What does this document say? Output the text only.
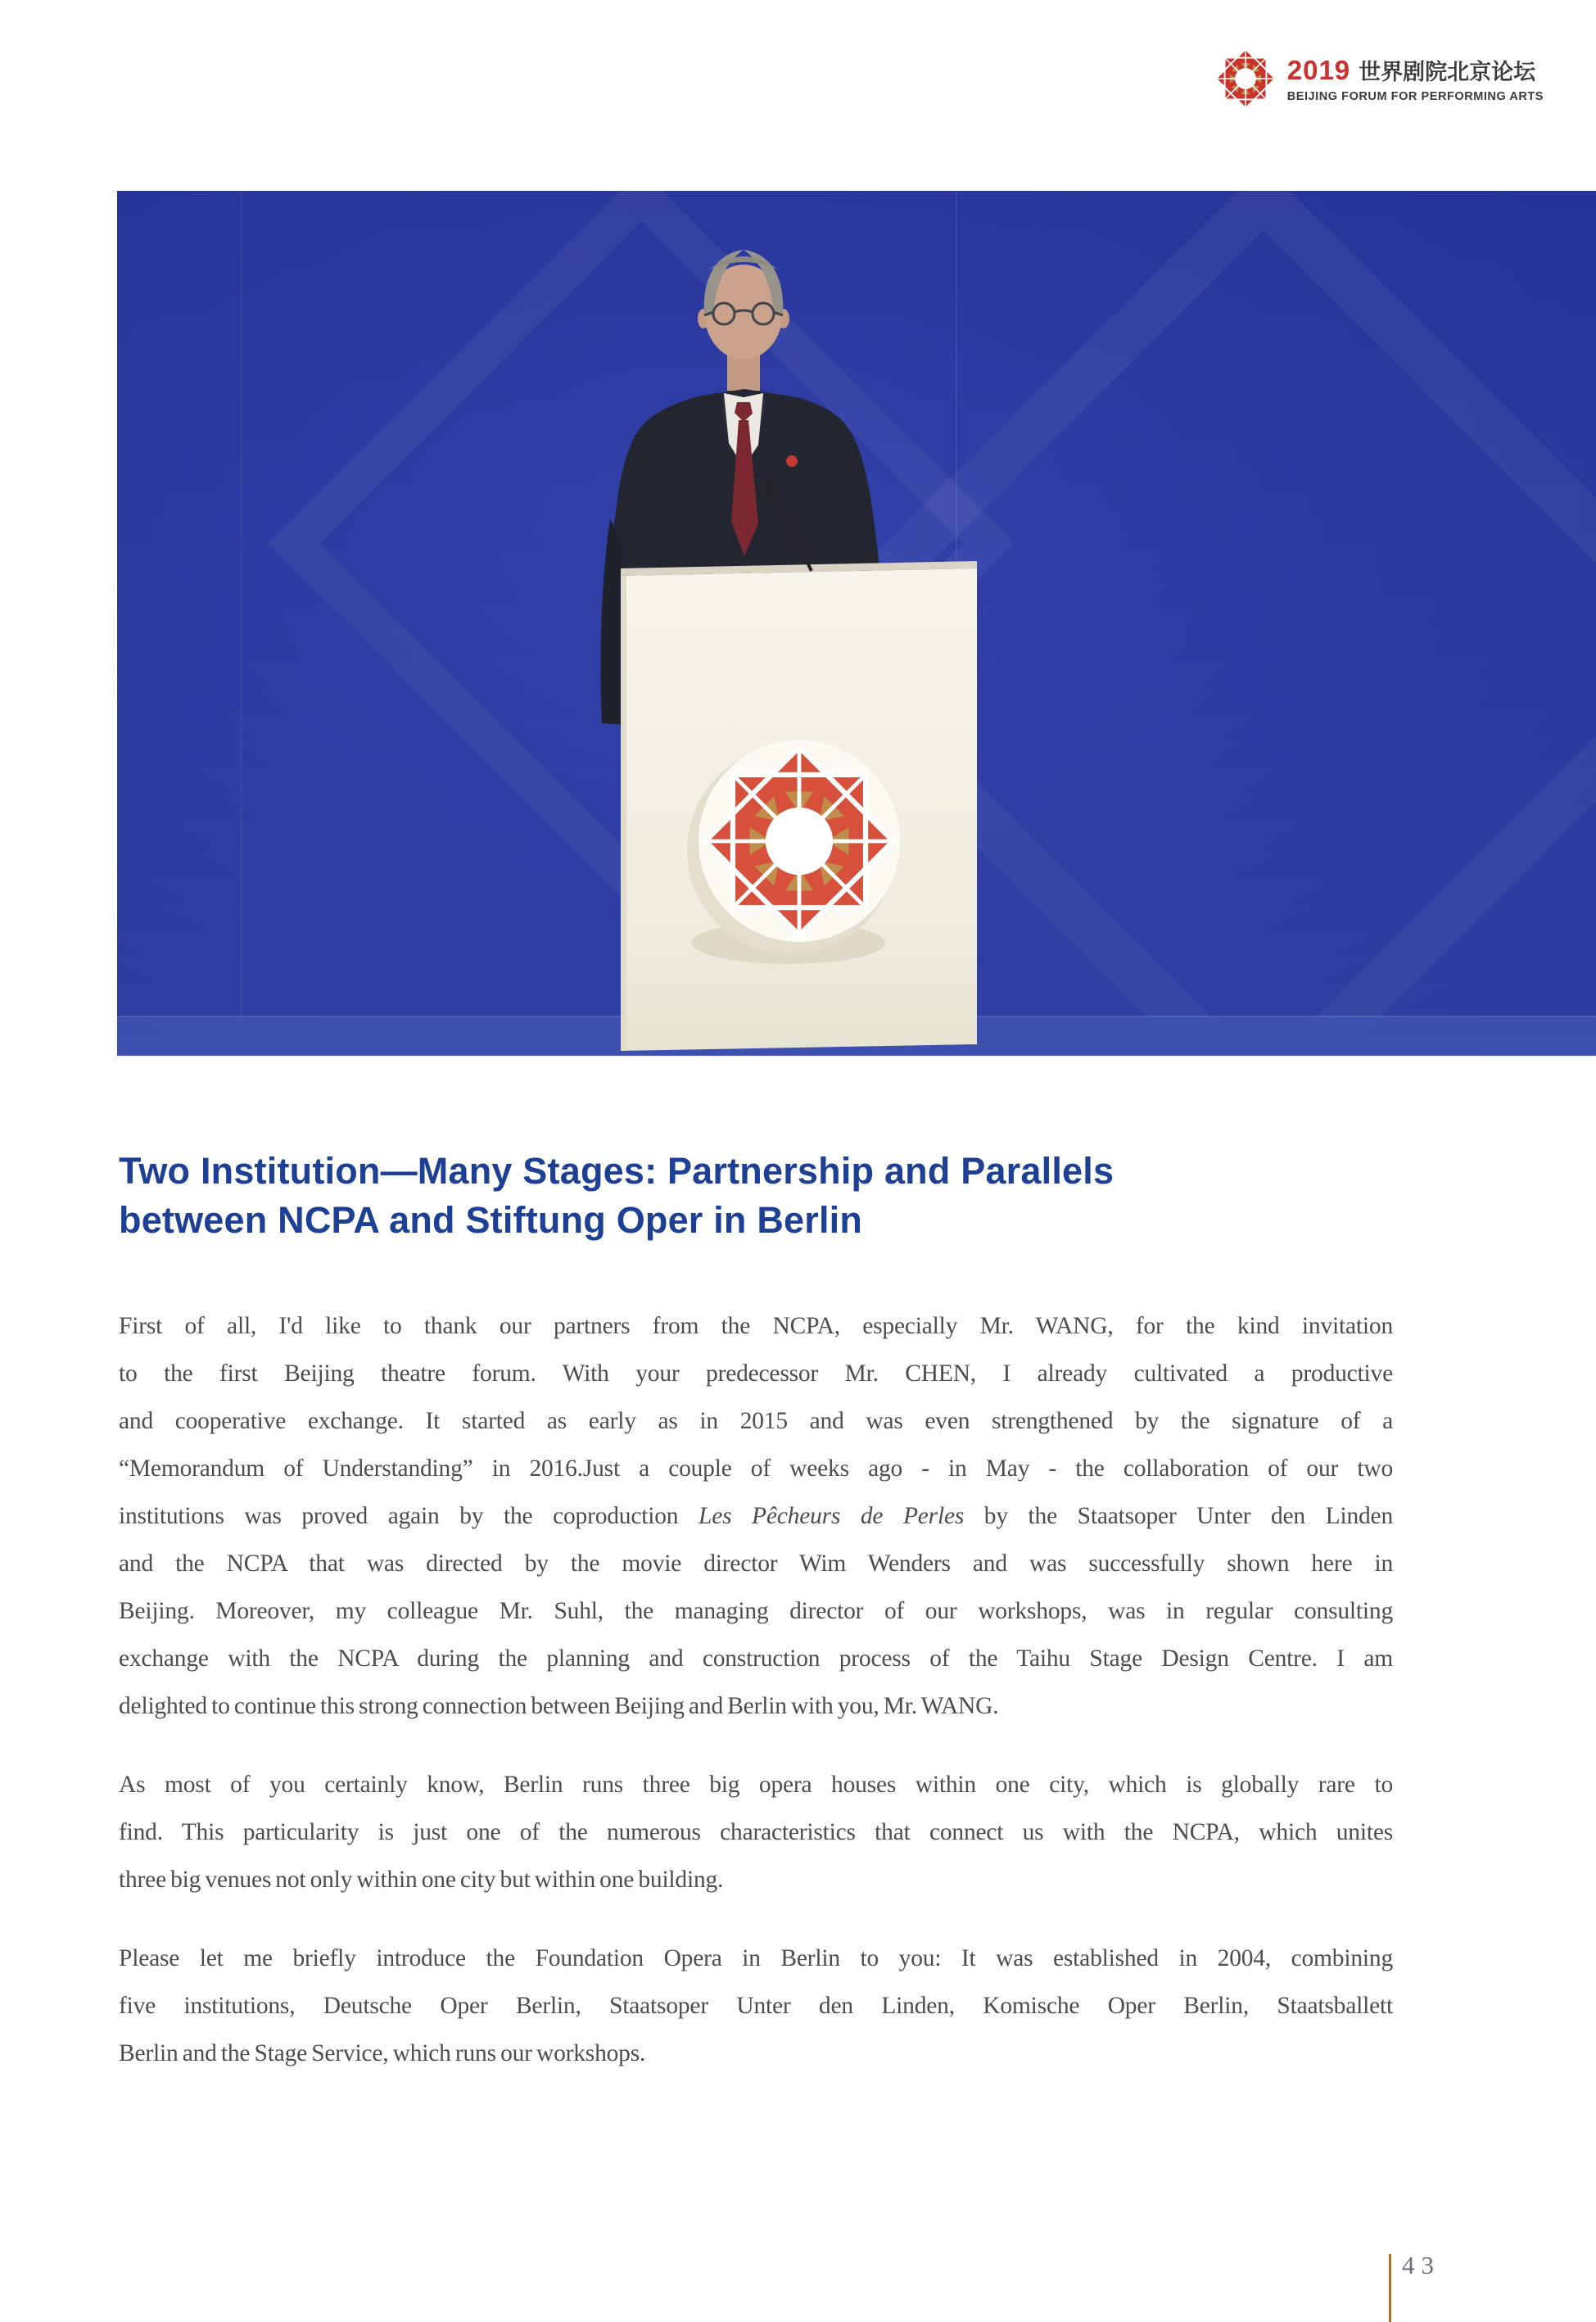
2019 世界剧院北京论坛
BEIJING FORUM FOR PERFORMING ARTS
Two Institution—Many Stages: Partnership and Parallels
between NCPA and Stiftung Oper in Berlin
First of all, I'd like to thank our partners from the NCPA, especially Mr. WANG, for the kind invitation
to the first Beijing theatre forum. With your predecessor Mr. CHEN, I already cultivated a productive
and cooperative exchange. It started as early as in 2015 and was even strengthened by the signature of a
“Memorandum of Understanding” in 2016.Just a couple of weeks ago - in May - the collaboration of our two
institutions was proved again by the coproduction Les Pêcheurs de Perles by the Staatsoper Unter den Linden
and the NCPA that was directed by the movie director Wim Wenders and was successfully shown here in
Beijing. Moreover, my colleague Mr. Suhl, the managing director of our workshops, was in regular consulting
exchange with the NCPA during the planning and construction process of the Taihu Stage Design Centre. I am
delighted to continue this strong connection between Beijing and Berlin with you, Mr. WANG.
As most of you certainly know, Berlin runs three big opera houses within one city, which is globally rare to
find. This particularity is just one of the numerous characteristics that connect us with the NCPA, which unites
three big venues not only within one city but within one building.
Please let me briefly introduce the Foundation Opera in Berlin to you: It was established in 2004, combining
five institutions, Deutsche Oper Berlin, Staatsoper Unter den Linden, Komische Oper Berlin, Staatsballett
Berlin and the Stage Service, which runs our workshops.
43
